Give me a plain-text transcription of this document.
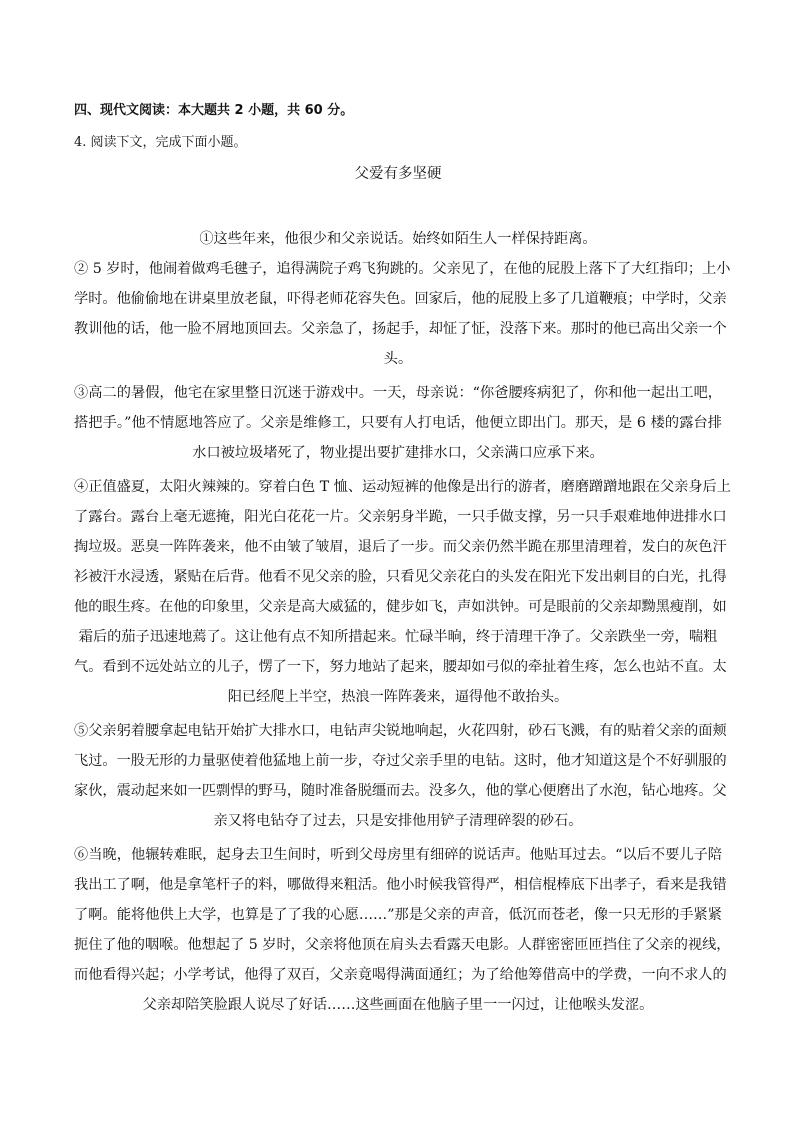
四、现代文阅读：本大题共 2 小题，共 60 分。
4. 阅读下文，完成下面小题。
父爱有多坚硬
①这些年来，他很少和父亲说话。始终如陌生人一样保持距离。
② 5 岁时，他闹着做鸡毛毽子，追得满院子鸡飞狗跳的。父亲见了，在他的屁股上落下了大红指印；上小
学时。他偷偷地在讲桌里放老鼠，吓得老师花容失色。回家后，他的屁股上多了几道鞭痕；中学时，父亲
教训他的话，他一脸不屑地顶回去。父亲急了，扬起手，却怔了怔，没落下来。那时的他已高出父亲一个
头。
③高二的暑假，他宅在家里整日沉迷于游戏中。一天，母亲说：“你爸腰疼病犯了，你和他一起出工吧，
搭把手。”他不情愿地答应了。父亲是维修工，只要有人打电话，他便立即出门。那天，是 6 楼的露台排
水口被垃圾堵死了，物业提出要扩建排水口，父亲满口应承下来。
④正值盛夏，太阳火辣辣的。穿着白色 T 恤、运动短裤的他像是出行的游者，磨磨蹭蹭地跟在父亲身后上
了露台。露台上毫无遮掩，阳光白花花一片。父亲躬身半跪，一只手做支撑，另一只手艰难地伸进排水口
掏垃圾。恶臭一阵阵袭来，他不由皱了皱眉，退后了一步。而父亲仍然半跪在那里清理着，发白的灰色汗
衫被汗水浸透，紧贴在后背。他看不见父亲的脸，只看见父亲花白的头发在阳光下发出刺目的白光，扎得
他的眼生疼。在他的印象里，父亲是高大威猛的，健步如飞，声如洪钟。可是眼前的父亲却黝黑瘦削，如
霜后的茄子迅速地蔫了。这让他有点不知所措起来。忙碌半晌，终于清理干净了。父亲跌坐一旁，喘粗
气。看到不远处站立的儿子，愣了一下，努力地站了起来，腰却如弓似的牵扯着生疼，怎么也站不直。太
阳已经爬上半空，热浪一阵阵袭来，逼得他不敢抬头。
⑤父亲躬着腰拿起电钻开始扩大排水口，电钻声尖锐地响起，火花四射，砂石飞溅，有的贴着父亲的面颊
飞过。一股无形的力量驱使着他猛地上前一步，夺过父亲手里的电钻。这时，他才知道这是个不好驯服的
家伙，震动起来如一匹剽悍的野马，随时准备脱缰而去。没多久，他的掌心便磨出了水泡，钻心地疼。父
亲又将电钻夺了过去，只是安排他用铲子清理碎裂的砂石。
⑥当晚，他辗转难眠，起身去卫生间时，听到父母房里有细碎的说话声。他贴耳过去。“以后不要儿子陪
我出工了啊，他是拿笔杆子的料，哪做得来粗活。他小时候我管得严，相信棍棒底下出孝子，看来是我错
了啊。能将他供上大学，也算是了了我的心愿……”那是父亲的声音，低沉而苍老，像一只无形的手紧紧
扼住了他的咽喉。他想起了 5 岁时，父亲将他顶在肩头去看露天电影。人群密密匝匝挡住了父亲的视线，
而他看得兴起；小学考试，他得了双百，父亲竟喝得满面通红；为了给他筹借高中的学费，一向不求人的
父亲却陪笑脸跟人说尽了好话……这些画面在他脑子里一一闪过，让他喉头发涩。
